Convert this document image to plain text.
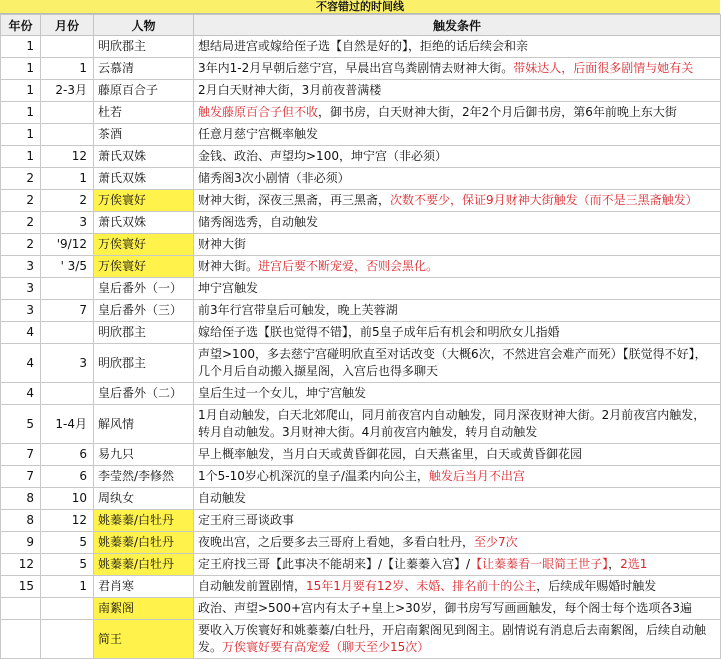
不容错过的时间线
年份	月份	人物	触发条件
1		明欣郡主	想结局进宫或嫁给侄子选【自然是好的】，拒绝的话后续会和亲
1	1	云慕清	3年内1-2月早朝后慈宁宫，早晨出宫鸟粪剧情去财神大街。带妹达人，后面很多剧情与她有关
1	2-3月	藤原百合子	2月白天财神大街，3月前夜普满楼
1		杜若	触发藤原百合子但不收，御书房，白天财神大街，2年2个月后御书房，第6年前晚上东大街
1		茶酒	任意月慈宁宫概率触发
1	12	萧氏双姝	金钱、政治、声望均>100，坤宁宫（非必须）
2	1	萧氏双姝	储秀阁3次小剧情（非必须）
2	2	万俟寰好	财神大街，深夜三黑斋，再三黑斋，次数不要少，保证9月财神大街触发（而不是三黑斋触发）
2	3	萧氏双姝	储秀阁选秀，自动触发
2	'9/12	万俟寰好	财神大街
3	' 3/5	万俟寰好	财神大街。进宫后要不断宠爱，否则会黑化。
3		皇后番外（一）	坤宁宫触发
3	7	皇后番外（三）	前3年行宫带皇后可触发，晚上芙蓉湖
4		明欣郡主	嫁给侄子选【朕也觉得不错】，前5皇子成年后有机会和明欣女儿指婚
4	3	明欣郡主	声望>100，多去慈宁宫碰明欣直至对话改变（大概6次，不然进宫会难产而死）【朕觉得不好】，几个月后自动搬入撷星阁，入宫后也得多聊天
4		皇后番外（二）	皇后生过一个女儿，坤宁宫触发
5	1-4月	解风情	1月自动触发，白天北郊爬山，同月前夜宫内自动触发，同月深夜财神大街。2月前夜宫内触发，转月自动触发。3月财神大街。4月前夜宫内触发，转月自动触发
7	6	易九只	早上概率触发，当月白天或黄昏御花园，白天燕雀里，白天或黄昏御花园
7	6	李莹然/李修然	1个5-10岁心机深沉的皇子/温柔内向公主，触发后当月不出宫
8	10	周纨女	自动触发
8	12	姚蓁蓁/白牡丹	定王府三哥谈政事
9	5	姚蓁蓁/白牡丹	夜晚出宫，之后要多去三哥府上看她，多看白牡丹，至少7次
12	5	姚蓁蓁/白牡丹	定王府找三哥【此事决不能胡来】/【让蓁蓁入宫】/【让蓁蓁看一眼简王世子】，2选1
15	1	君肖寒	自动触发前置剧情，15年1月要有12岁、未婚、排名前十的公主，后续成年赐婚时触发
		南絮阁	政治、声望>500+宫内有太子+皇上>30岁，御书房写写画画触发，每个阁士每个选项各3遍
		简王	要收入万俟寰好和姚蓁蓁/白牡丹，开启南絮阁见到阁主。剧情说有消息后去南絮阁，后续自动触发。万俟寰好要有高宠爱（聊天至少15次）
